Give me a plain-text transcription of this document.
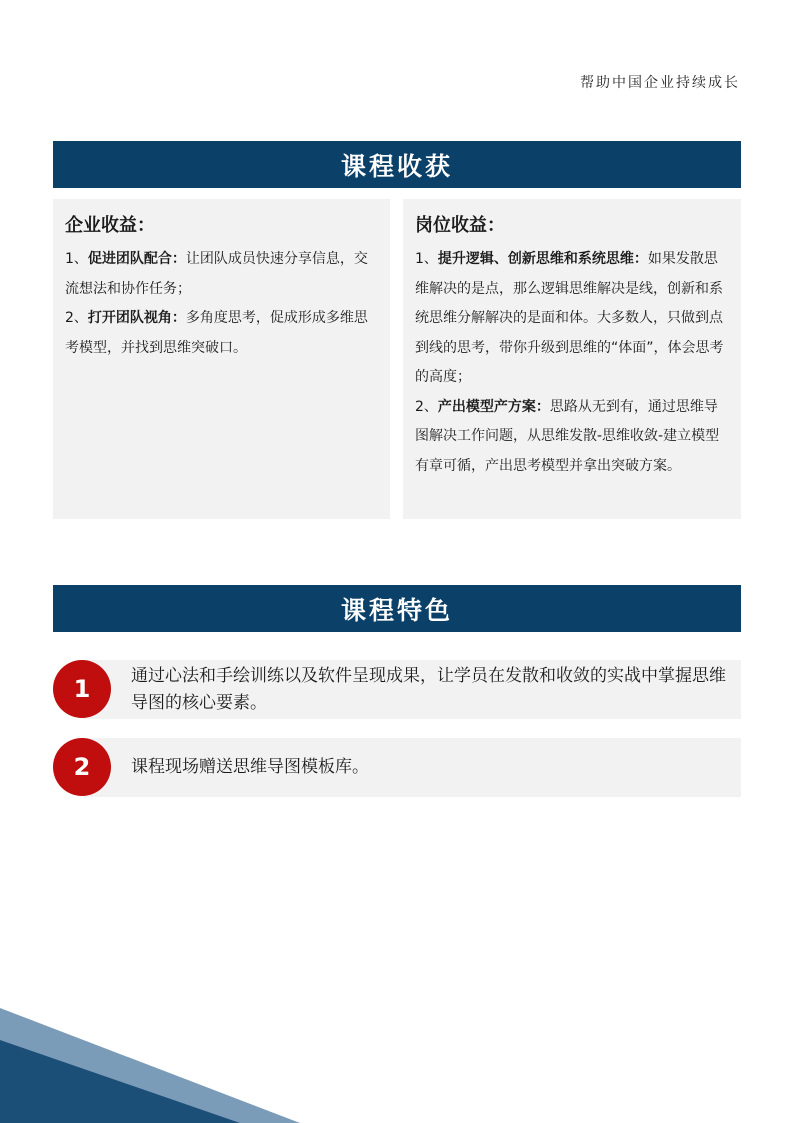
帮助中国企业持续成长
课程收获
企业收益：

1、促进团队配合：让团队成员快速分享信息，交流想法和协作任务；

2、打开团队视角：多角度思考，促成形成多维思考模型，并找到思维突破口。

岗位收益：

1、提升逻辑、创新思维和系统思维：如果发散思维解决的是点，那么逻辑思维解决是线，创新和系统思维分解解决的是面和体。大多数人，只做到点到线的思考，带你升级到思维的“体面”，体会思考的高度；

2、产出模型产方案：思路从无到有，通过思维导图解决工作问题，从思维发散-思维收敛-建立模型有章可循，产出思考模型并拿出突破方案。

课程特色
1	通过心法和手绘训练以及软件呈现成果，让学员在发散和收敛的实战中掌握思维导图的核心要素。
2	课程现场赠送思维导图模板库。
